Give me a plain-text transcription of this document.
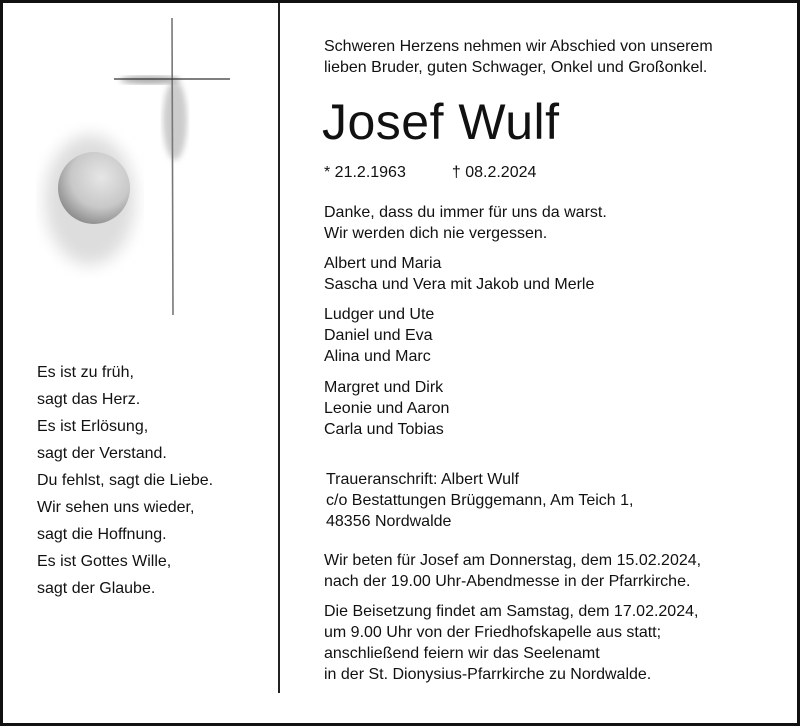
Es ist zu früh,
sagt das Herz.
Es ist Erlösung,
sagt der Verstand.
Du fehlst, sagt die Liebe.
Wir sehen uns wieder,
sagt die Hoffnung.
Es ist Gottes Wille,
sagt der Glaube.
Schweren Herzens nehmen wir Abschied von unserem
lieben Bruder, guten Schwager, Onkel und Großonkel.
Josef Wulf
* 21.2.1963	† 08.2.2024
Danke, dass du immer für uns da warst.
Wir werden dich nie vergessen.
Albert und Maria
Sascha und Vera mit Jakob und Merle
Ludger und Ute
Daniel und Eva
Alina und Marc
Margret und Dirk
Leonie und Aaron
Carla und Tobias
Traueranschrift: Albert Wulf
c/o Bestattungen Brüggemann, Am Teich 1,
48356 Nordwalde
Wir beten für Josef am Donnerstag, dem 15.02.2024,
nach der 19.00 Uhr-Abendmesse in der Pfarrkirche.
Die Beisetzung findet am Samstag, dem 17.02.2024,
um 9.00 Uhr von der Friedhofskapelle aus statt;
anschließend feiern wir das Seelenamt
in der St. Dionysius-Pfarrkirche zu Nordwalde.
